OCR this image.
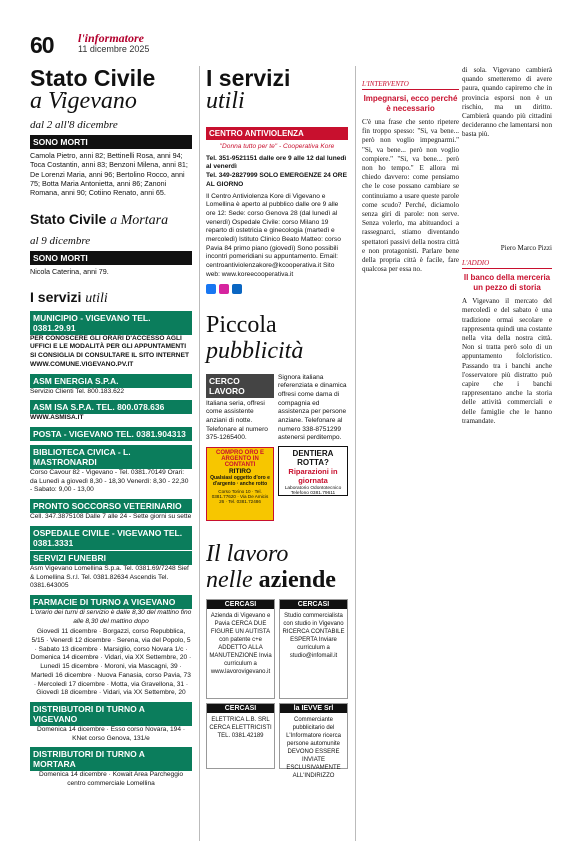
60 l'informatore
11 dicembre 2025
Stato Civile
a Vigevano
dal 2 all'8 dicembre
SONO MORTI
Camola Pietro, anni 82; Bettinelli Rosa, anni 94; Toca Costantin, anni 83; Benzoni Milena, anni 81; De Lorenzi Maria, anni 96; Bertolino Rocco, anni 75; Botta Maria Antonietta, anni 86; Zanoni Romana, anni 90; Cotiino Renato, anni 65.
Stato Civile a Mortara
al 9 dicembre
SONO MORTI
Nicola Caterina, anni 79.
I servizi utili
MUNICIPIO - VIGEVANO TEL. 0381.29.91
PER CONOSCERE GLI ORARI D'ACCESSO AGLI UFFICI E LE MODALITÀ PER GLI APPUNTAMENTI SI CONSIGLIA DI CONSULTARE IL SITO INTERNET WWW.COMUNE.VIGEVANO.PV.IT
ASM ENERGIA S.P.A.
Servizio Clienti Tel. 800.183.622
ASM ISA S.P.A. TEL. 800.078.636
WWW.ASMISA.IT
POSTA - VIGEVANO TEL. 0381.904313
BIBLIOTECA CIVICA - L. MASTRONARDI
Corso Cavour 82 - Vigevano - Tel. 0381.70149 Orari: da Lunedì a giovedì 8,30 - 18,30 Venerdì: 8,30 - 22,30 - Sabato: 9,00 - 13,00
PRONTO SOCCORSO VETERINARIO
Cell. 347.3875108 Dalle 7 alle 24 - Sette giorni su sette
OSPEDALE CIVILE - VIGEVANO TEL. 0381.3331
SERVIZI FUNEBRI
Asm Vigevano Lomellina S.p.a. Tel. 0381.69/7248 Sief & Lomellina S.r.l. Tel. 0381.82634 Ascendis Tel. 0381.643005
FARMACIE DI TURNO A VIGEVANO
L'orario dei turni di servizio è dalle 8,30 del mattino fino alle 8,30 del mattino dopo
Giovedì 11 dicembre · Borgazzi, corso Repubblica, 5/15 · Venerdì 12 dicembre · Serena, via del Popolo, 5 · Sabato 13 dicembre · Marsiglio, corso Novara 1/c · Domenica 14 dicembre · Vidari, via XX Settembre, 20 · Lunedì 15 dicembre · Moroni, via Mascagni, 39 · Martedì 16 dicembre · Nuova Fanasia, corso Pavia, 73 · Mercoledì 17 dicembre · Motta, via Gravellona, 31 · Giovedì 18 dicembre · Vidari, via XX Settembre, 20
DISTRIBUTORI DI TURNO A VIGEVANO
Domenica 14 dicembre · Esso corso Novara, 194 · KNet corso Genova, 131/e
DISTRIBUTORI DI TURNO A MORTARA
Domenica 14 dicembre · Kowait Area Parcheggio centro commerciale Lomellina
I servizi
utili
CENTRO ANTIVIOLENZA
"Donna tutto per te" - Cooperativa Kore
Tel. 351-9521151 dalle ore 9 alle 12 dal lunedì al venerdì
Tel. 349-2827999 SOLO EMERGENZE 24 ORE AL GIORNO
Il Centro Antiviolenza Kore di Vigevano e Lomellina è aperto al pubblico dalle ore 9 alle ore 12: Sede: corso Genova 28 (dal lunedì al venerdì) Ospedale Civile: corso Milano 19 reparto di ostetricia e ginecologia (martedì e mercoledì) Istituto Clinico Beato Matteo: corso Pavia 84 primo piano (giovedì) Sono possibili incontri pomeridiani su appuntamento. Email: centroantiviolenzakore@kcooperativa.it Sito web: www.koreecooperativa.it
Piccola
pubblicità
CERCO LAVORO
Italiana seria, offresi come assistente anziani di notte. Telefonare al numero 375-1265400.
COMPRO ORO E ARGENTO IN CONTANTI
RITIRO
Qualsiasi oggetto d'oro e d'argento · anche rotto
Corso Torino 10 · Tel. 0381.77620 · Via De Amicis 26 · Tel. 0381.72486
Signora italiana referenziata e dinamica offresi come dama di compagnia ed assistenza per persone anziane. Telefonare al numero 338-8751299 astenersi perditempo.
DENTIERA ROTTA?
Riparazioni in giornata
Laboratorio Odontotecnico Telefono 0381.79611
Il lavoro
nelle aziende
CERCASI
Azienda di Vigevano e Pavia CERCA DUE FIGURE UN AUTISTA con patente c+e ADDETTO ALLA MANUTENZIONE Invia curriculum a www.lavorovigevano.it
CERCASI
Studio commercialista con studio in Vigevano RICERCA CONTABILE ESPERTA Inviare curriculum a studio@infomail.it
CERCASI
ELETTRICA L.B. SRL CERCA ELETTRICISTI TEL. 0381.42189
la IEVVE Srl
Commerciante pubblicitario del L'Informatore ricerca persone automunite DEVONO ESSERE INVIATE ESCLUSIVAMENTE ALL'INDIRIZZO
L'INTERVENTO
Impegnarsi, ecco perché è necessario
C'è una frase che sento ripetere fin troppo spesso: "Si, va bene... però non voglio impegnarmi." "Si, va bene... però non voglio compiere." "Si, va bene... però non ho tempo." E allora mi chiedo davvero: come pensiamo che le cose possano cambiare se continuiamo a usare queste parole come scudo? Perché, diciamolo senza giri di parole: non serve. Senza volerlo, ma abituandoci a rassegnarci, stiamo diventando spettatori passivi della nostra città e non protagonisti. Parlare bene della propria città è facile, fare qualcosa per essa no.
di sola. Vigevano cambierà quando smetteremo di avere paura, quando capiremo che in provincia esporsi non è un rischio, ma un diritto. Cambierà quando più cittadini decideranno che lamentarsi non basta più.
Piero Marco Pizzi
L'ADDIO
Il banco della merceria un pezzo di storia
A Vigevano il mercato del mercoledì e del sabato è una tradizione ormai secolare e rappresenta quindi una costante nella vita della nostra città. Non si tratta però solo di un appuntamento folcloristico. Passando tra i banchi anche l'osservatore più distratto può capire che i banchi rappresentano anche la storia delle attività commerciali e delle famiglie che le hanno tramandate.
